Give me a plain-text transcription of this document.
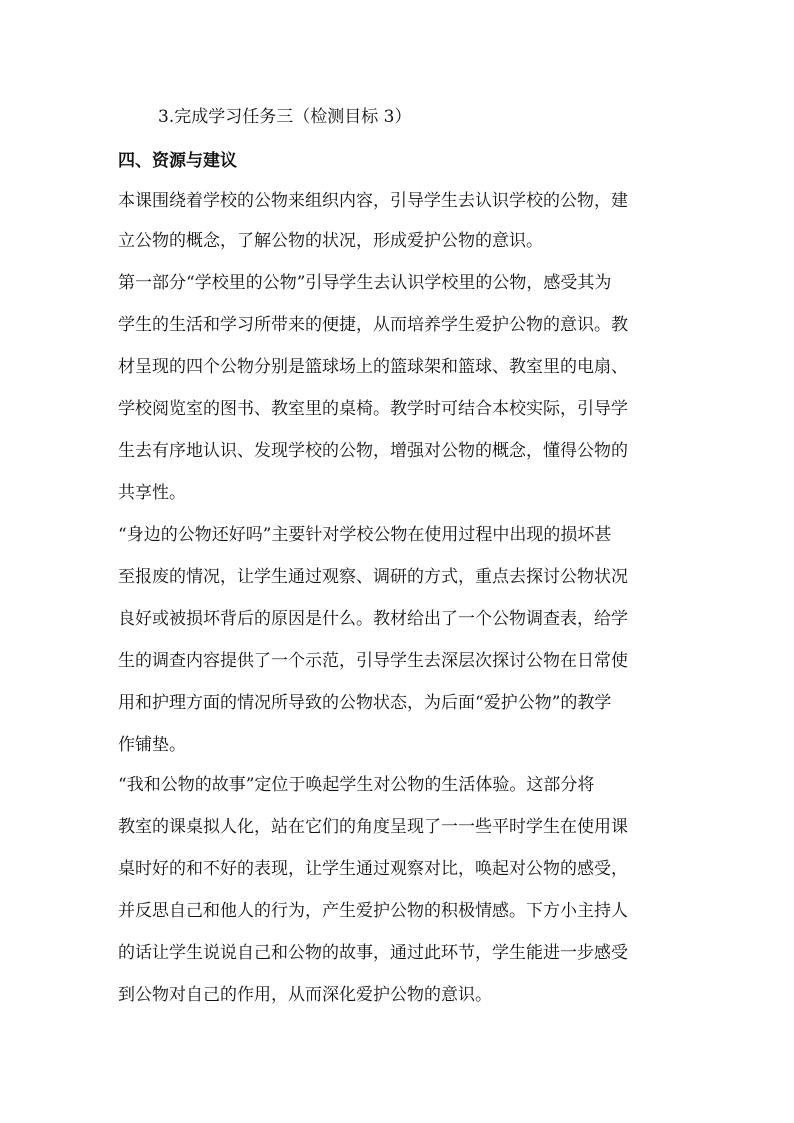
3.完成学习任务三（检测目标 3）
四、资源与建议
本课围绕着学校的公物来组织内容，引导学生去认识学校的公物，建
立公物的概念，了解公物的状况，形成爱护公物的意识。
第一部分“学校里的公物”引导学生去认识学校里的公物，感受其为
学生的生活和学习所带来的便捷，从而培养学生爱护公物的意识。教
材呈现的四个公物分别是篮球场上的篮球架和篮球、教室里的电扇、
学校阅览室的图书、教室里的桌椅。教学时可结合本校实际，引导学
生去有序地认识、发现学校的公物，增强对公物的概念，懂得公物的
共享性。
“身边的公物还好吗”主要针对学校公物在使用过程中出现的损坏甚
至报废的情况，让学生通过观察、调研的方式，重点去探讨公物状况
良好或被损坏背后的原因是什么。教材给出了一个公物调查表，给学
生的调查内容提供了一个示范，引导学生去深层次探讨公物在日常使
用和护理方面的情况所导致的公物状态，为后面“爱护公物”的教学
作铺垫。
“我和公物的故事”定位于唤起学生对公物的生活体验。这部分将
教室的课桌拟人化，站在它们的角度呈现了一一些平时学生在使用课
桌时好的和不好的表现，让学生通过观察对比，唤起对公物的感受，
并反思自己和他人的行为，产生爱护公物的积极情感。下方小主持人
的话让学生说说自己和公物的故事，通过此环节，学生能进一步感受
到公物对自己的作用，从而深化爱护公物的意识。
